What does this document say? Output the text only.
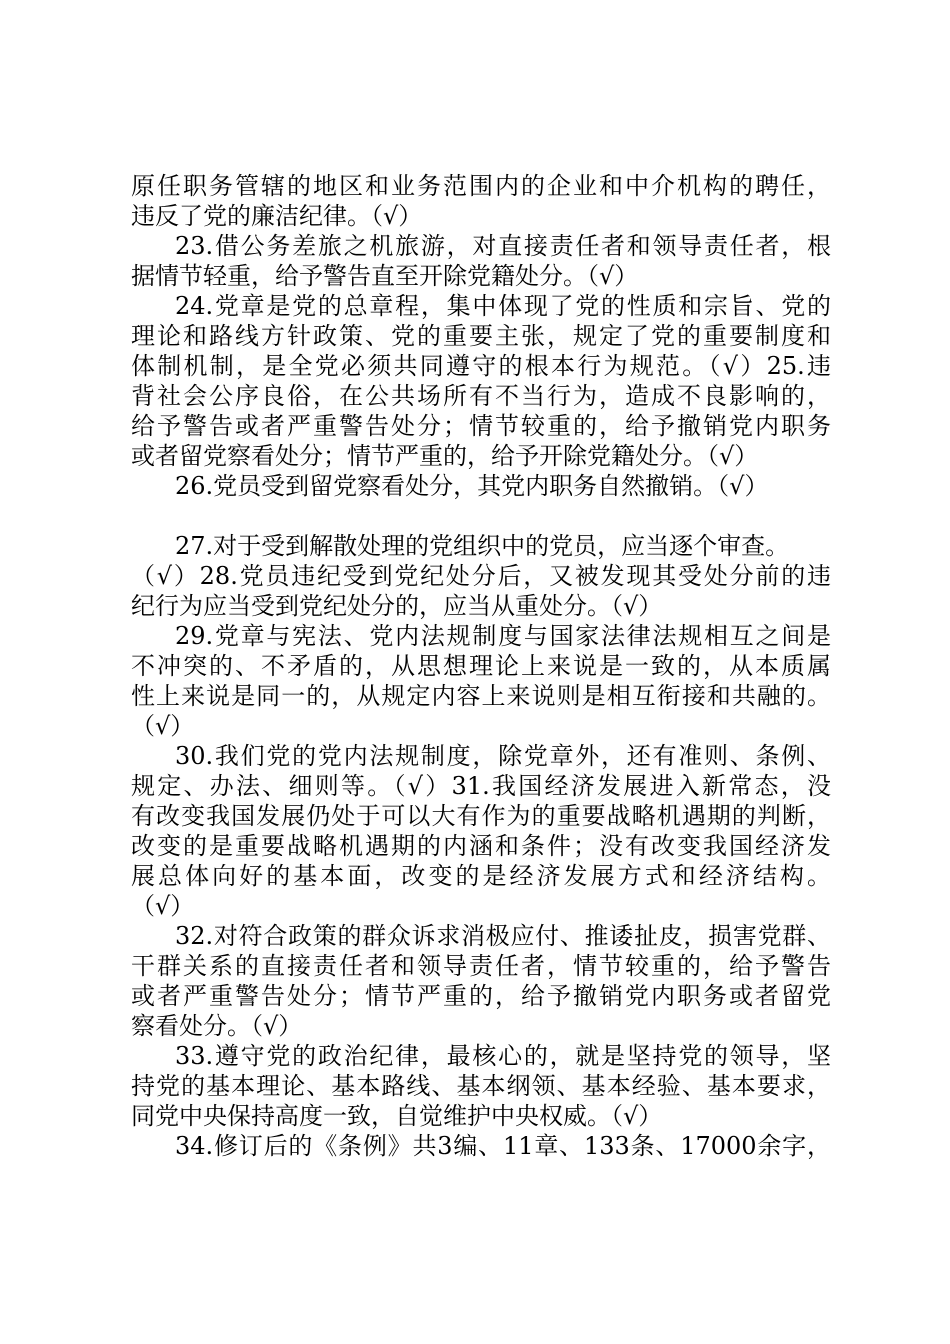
原任职务管辖的地区和业务范围内的企业和中介机构的聘任，
违反了党的廉洁纪律。（√）
23.借公务差旅之机旅游，对直接责任者和领导责任者，根
据情节轻重，给予警告直至开除党籍处分。（√）
24.党章是党的总章程，集中体现了党的性质和宗旨、党的
理论和路线方针政策、党的重要主张，规定了党的重要制度和
体制机制，是全党必须共同遵守的根本行为规范。（√）25.违
背社会公序良俗，在公共场所有不当行为，造成不良影响的，
给予警告或者严重警告处分；情节较重的，给予撤销党内职务
或者留党察看处分；情节严重的，给予开除党籍处分。（√）
26.党员受到留党察看处分，其党内职务自然撤销。（√）
27.对于受到解散处理的党组织中的党员，应当逐个审查。
（√）28.党员违纪受到党纪处分后，又被发现其受处分前的违
纪行为应当受到党纪处分的，应当从重处分。（√）
29.党章与宪法、党内法规制度与国家法律法规相互之间是
不冲突的、不矛盾的，从思想理论上来说是一致的，从本质属
性上来说是同一的，从规定内容上来说则是相互衔接和共融的。
（√）
30.我们党的党内法规制度，除党章外，还有准则、条例、
规定、办法、细则等。（√）31.我国经济发展进入新常态，没
有改变我国发展仍处于可以大有作为的重要战略机遇期的判断，
改变的是重要战略机遇期的内涵和条件；没有改变我国经济发
展总体向好的基本面，改变的是经济发展方式和经济结构。
（√）
32.对符合政策的群众诉求消极应付、推诿扯皮，损害党群、
干群关系的直接责任者和领导责任者，情节较重的，给予警告
或者严重警告处分；情节严重的，给予撤销党内职务或者留党
察看处分。（√）
33.遵守党的政治纪律，最核心的，就是坚持党的领导，坚
持党的基本理论、基本路线、基本纲领、基本经验、基本要求，
同党中央保持高度一致，自觉维护中央权威。（√）
34.修订后的《条例》共3编、11章、133条、17000余字，
